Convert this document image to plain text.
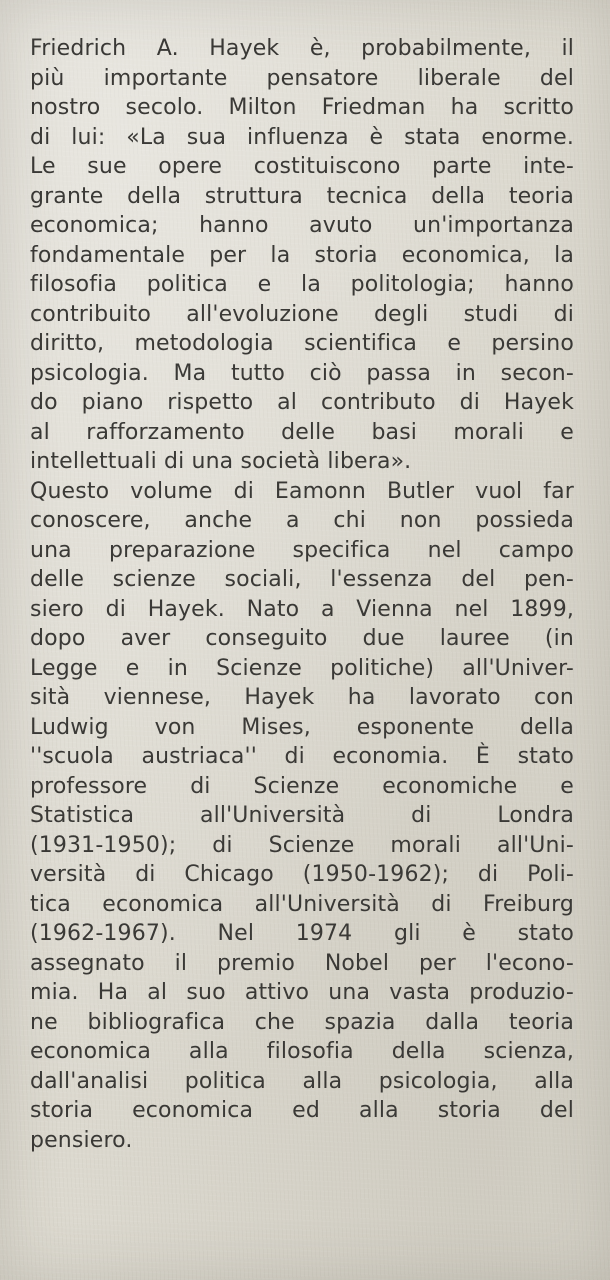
Friedrich A. Hayek è, probabilmente, il
più importante pensatore liberale del
nostro secolo. Milton Friedman ha scritto
di lui: «La sua influenza è stata enorme.
Le sue opere costituiscono parte inte-
grante della struttura tecnica della teoria
economica; hanno avuto un'importanza
fondamentale per la storia economica, la
filosofia politica e la politologia; hanno
contribuito all'evoluzione degli studi di
diritto, metodologia scientifica e persino
psicologia. Ma tutto ciò passa in secon-
do piano rispetto al contributo di Hayek
al rafforzamento delle basi morali e
intellettuali di una società libera».

Questo volume di Eamonn Butler vuol far
conoscere, anche a chi non possieda
una preparazione specifica nel campo
delle scienze sociali, l'essenza del pen-
siero di Hayek. Nato a Vienna nel 1899,
dopo aver conseguito due lauree (in
Legge e in Scienze politiche) all'Univer-
sità viennese, Hayek ha lavorato con
Ludwig von Mises, esponente della
''scuola austriaca'' di economia. È stato
professore di Scienze economiche e
Statistica all'Università di Londra
(1931-1950); di Scienze morali all'Uni-
versità di Chicago (1950-1962); di Poli-
tica economica all'Università di Freiburg
(1962-1967). Nel 1974 gli è stato
assegnato il premio Nobel per l'econo-
mia. Ha al suo attivo una vasta produzio-
ne bibliografica che spazia dalla teoria
economica alla filosofia della scienza,
dall'analisi politica alla psicologia, alla
storia economica ed alla storia del
pensiero.
